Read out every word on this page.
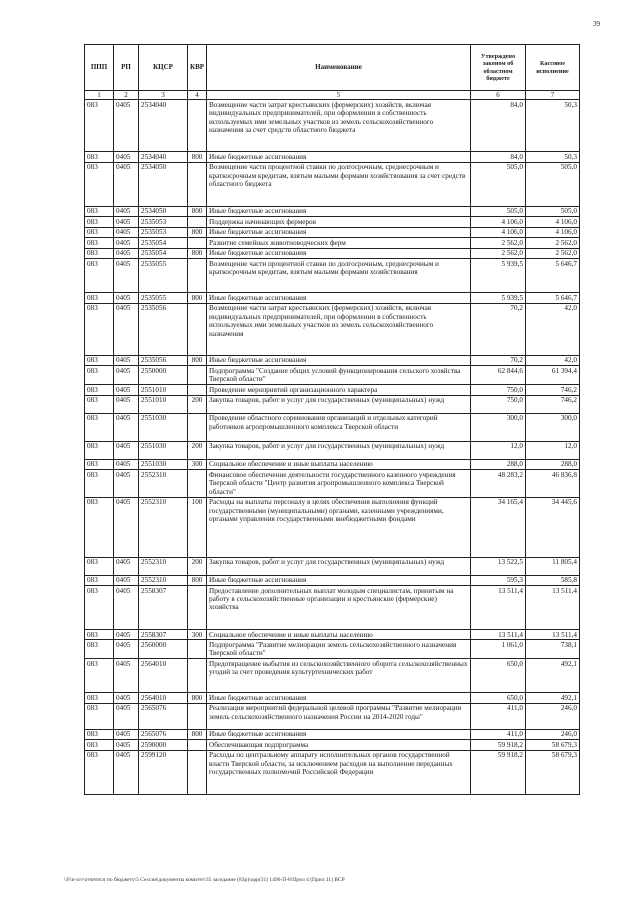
39
ППП	РП	КЦСР	КВР	Наименование	Утверждено законом об областном бюджете	Кассовое исполнение
1	2	3	4	5	6	7
083	0405	2534040		Возмещение части затрат крестьянских (фермерских) хозяйств, включая индивидуальных предпринимателей, при оформлении в собственность используемых ими земельных участков из земель сельскохозяйственного назначения за счет средств областного бюджета	84,0	50,3
083	0405	2534040	800	Иные бюджетные ассигнования	84,0	50,3
083	0405	2534050		Возмещение части процентной ставки по долгосрочным, среднесрочным и краткосрочным кредитам, взятым малыми формами хозяйствования за счет средств областного бюджета	505,0	505,0
083	0405	2534050	800	Иные бюджетные ассигнования	505,0	505,0
083	0405	2535053		Поддержка начинающих фермеров	4 106,0	4 106,0
083	0405	2535053	800	Иные бюджетные ассигнования	4 106,0	4 106,0
083	0405	2535054		Развитие семейных животноводческих ферм	2 562,0	2 562,0
083	0405	2535054	800	Иные бюджетные ассигнования	2 562,0	2 562,0
083	0405	2535055		Возмещение части процентной ставки по долгосрочным, среднесрочным и краткосрочным кредитам, взятым малыми формами хозяйствования	5 939,5	5 646,7
083	0405	2535055	800	Иные бюджетные ассигнования	5 939,5	5 646,7
083	0405	2535056		Возмещение части затрат крестьянских (фермерских) хозяйств, включая индивидуальных предпринимателей, при оформлении в собственность используемых ими земельных участков из земель сельскохозяйственного назначения	70,2	42,0
083	0405	2535056	800	Иные бюджетные ассигнования	70,2	42,0
083	0405	2550000		Подпрограмма "Создание общих условий функционирования сельского хозяйства Тверской области"	62 844,6	61 394,4
083	0405	2551010		Проведение мероприятий организационного характера	750,0	746,2
083	0405	2551010	200	Закупка товаров, работ и услуг для государственных (муниципальных) нужд	750,0	746,2
083	0405	2551030		Проведение областного соревнования организаций и отдельных категорий работников агропромышленного комплекса Тверской области	300,0	300,0
083	0405	2551030	200	Закупка товаров, работ и услуг для государственных (муниципальных) нужд	12,0	12,0
083	0405	2551030	300	Социальное обеспечение и иные выплаты населению	288,0	288,0
083	0405	2552310		Финансовое обеспечение деятельности государственного казенного учреждения Тверской области "Центр развития агропромышленного комплекса Тверской области"	48 283,2	46 836,8
083	0405	2552310	100	Расходы на выплаты персоналу в целях обеспечения выполнения функций государственными (муниципальными) органами, казенными учреждениями, органами управления государственными внебюджетными фондами	34 165,4	34 445,6
083	0405	2552310	200	Закупка товаров, работ и услуг для государственных (муниципальных) нужд	13 522,5	11 805,4
083	0405	2552310	800	Иные бюджетные ассигнования	595,3	585,8
083	0405	2558307		Предоставление дополнительных выплат молодым специалистам, принятым на работу в сельскохозяйственные организации и крестьянские (фермерские) хозяйства	13 511,4	13 511,4
083	0405	2558307	300	Социальное обеспечение и иные выплаты населению	13 511,4	13 511,4
083	0405	2560000		Подпрограмма "Развитие мелиорации земель сельскохозяйственного назначения Тверской области"	1 061,0	738,1
083	0405	2564010		Предотвращение выбытия из сельскохозяйственного оборота сельскохозяйственных угодий за счет проведения культуртехнических работ	650,0	492,1
083	0405	2564010	800	Иные бюджетные ассигнования	650,0	492,1
083	0405	2565076		Реализация мероприятий федеральной целевой программы "Развитие мелиорации земель сельскохозяйственного назначения России на 2014-2020 годы"	411,0	246,0
083	0405	2565076	800	Иные бюджетные ассигнования	411,0	246,0
083	0405	2590000		Обеспечивающая подпрограмма	59 918,2	58 679,3
083	0405	2599120		Расходы по центральному аппарату исполнительных органов государственной власти Тверской области, за исключением расходов на выполнение переданных государственных полномочий Российской Федерации	59 918,2	58 679,3
\\Fin-srv\отчетисп по бюджету\5 Сессия\документы комитет\35 заседание (83р)\орр(31) 1496-П-8\Прил 4 (Прил 11) ВСР
